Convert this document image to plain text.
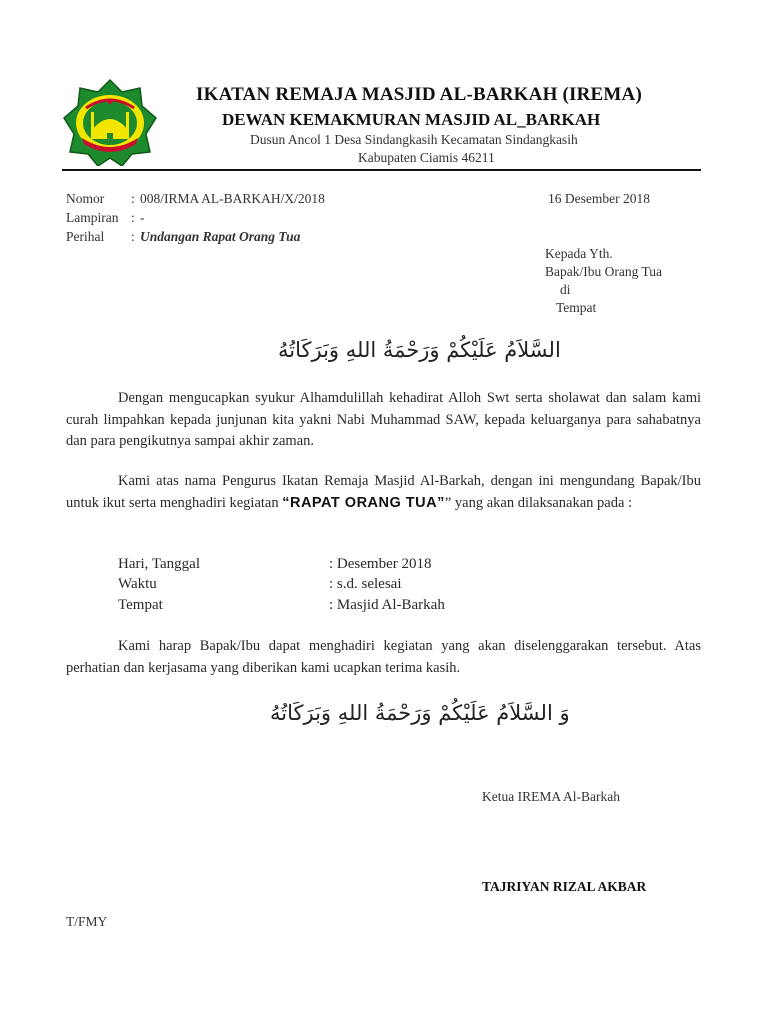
IKATAN REMAJA MASJID AL-BARKAH (IREMA)
DEWAN KEMAKMURAN MASJID AL_BARKAH
Dusun Ancol 1 Desa Sindangkasih Kecamatan Sindangkasih
Kabupaten Ciamis 46211
Nomor : 008/IRMA AL-BARKAH/X/2018
Lampiran : -
Perihal : Undangan Rapat Orang Tua
16 Desember 2018
Kepada Yth.
Bapak/Ibu Orang Tua
di
Tempat
السَّلاَمُ عَلَيْكُمْ وَرَحْمَةُ اللهِ وَبَرَكَاتُهُ
Dengan mengucapkan syukur Alhamdulillah kehadirat Alloh Swt serta sholawat dan salam kami curah limpahkan kepada junjunan kita yakni Nabi Muhammad SAW, kepada keluarganya para sahabatnya dan para pengikutnya sampai akhir zaman.
Kami atas nama Pengurus Ikatan Remaja Masjid Al-Barkah, dengan ini mengundang Bapak/Ibu untuk ikut serta menghadiri kegiatan “RAPAT ORANG TUA”” yang akan dilaksanakan pada :
Hari, Tanggal	: Desember 2018
Waktu	: s.d. selesai
Tempat	: Masjid Al-Barkah
Kami harap Bapak/Ibu dapat menghadiri kegiatan yang akan diselenggarakan tersebut. Atas perhatian dan kerjasama yang diberikan kami ucapkan terima kasih.
وَ السَّلاَمُ عَلَيْكُمْ وَرَحْمَةُ اللهِ وَبَرَكَاتُهُ
Ketua IREMA Al-Barkah
TAJRIYAN RIZAL AKBAR
T/FMY
